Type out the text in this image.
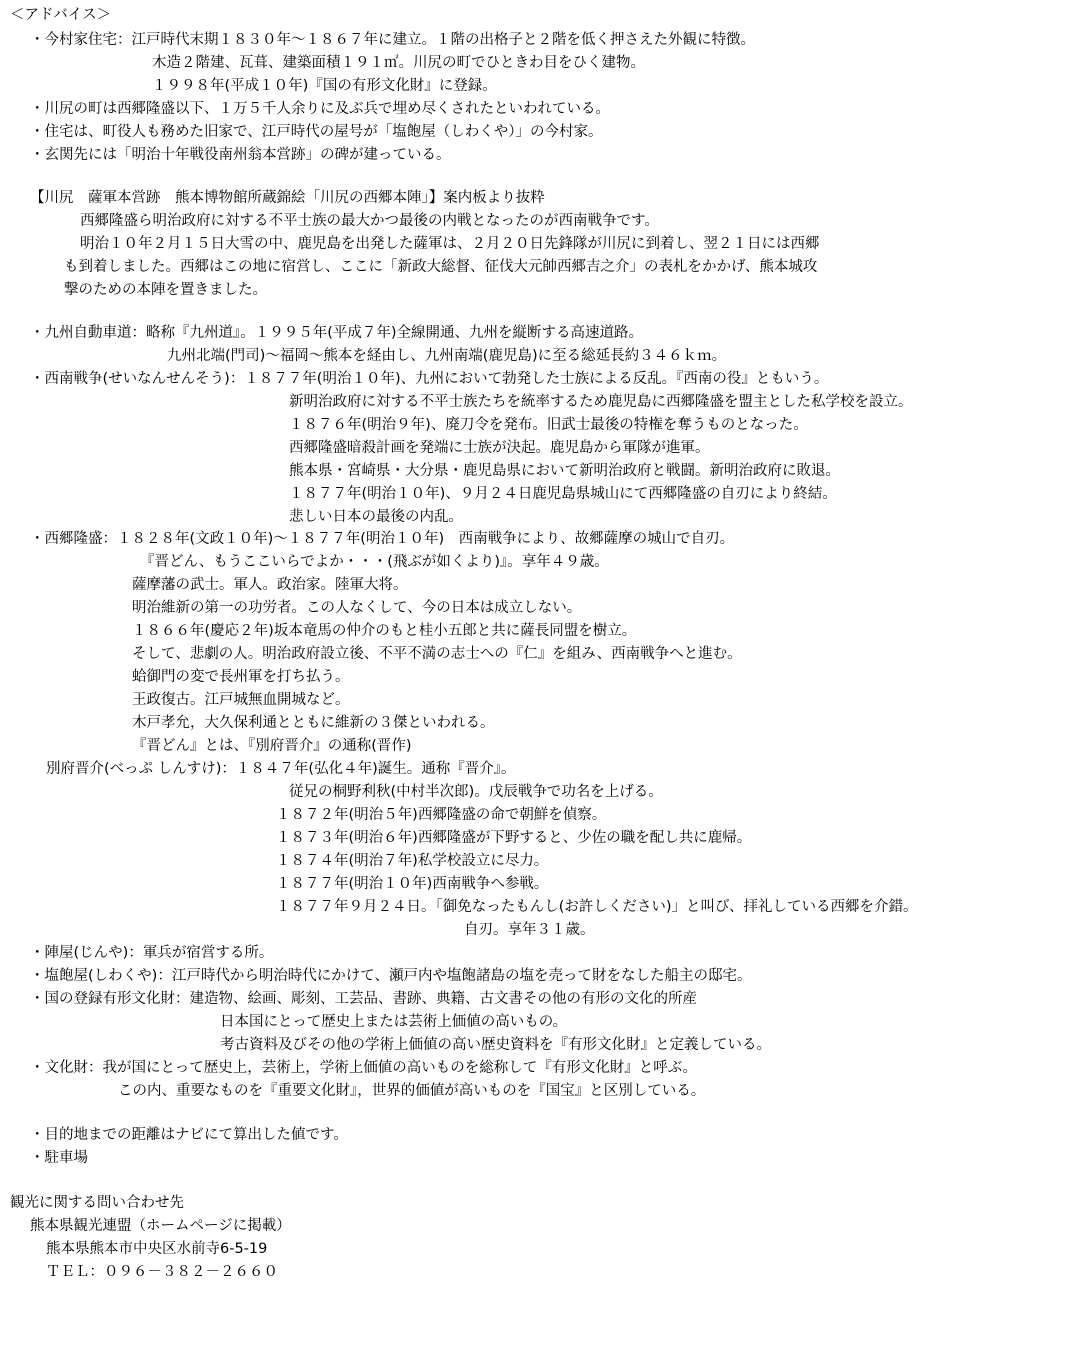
＜アドバイス＞
・今村家住宅：江戸時代末期１８３０年～１８６７年に建立。１階の出格子と２階を低く押さえた外観に特徴。
木造２階建、瓦葺、建築面積１９１㎡。川尻の町でひときわ目をひく建物。
１９９８年(平成１０年)『国の有形文化財』に登録。
・川尻の町は西郷隆盛以下、１万５千人余りに及ぶ兵で埋め尽くされたといわれている。
・住宅は、町役人も務めた旧家で、江戸時代の屋号が「塩飽屋（しわくや）」の今村家。
・玄関先には「明治十年戦役南州翁本営跡」の碑が建っている。
【川尻　薩軍本営跡　熊本博物館所蔵錦絵「川尻の西郷本陣」】案内板より抜粋
西郷隆盛ら明治政府に対する不平士族の最大かつ最後の内戦となったのが西南戦争です。
明治１０年２月１５日大雪の中、鹿児島を出発した薩軍は、２月２０日先鋒隊が川尻に到着し、翌２１日には西郷
も到着しました。西郷はこの地に宿営し、ここに「新政大総督、征伐大元帥西郷吉之介」の表札をかかげ、熊本城攻
撃のための本陣を置きました。
・九州自動車道：略称『九州道』。１９９５年(平成７年)全線開通、九州を縦断する高速道路。
九州北端(門司)～福岡～熊本を経由し、九州南端(鹿児島)に至る総延長約３４６ｋｍ。
・西南戦争(せいなんせんそう)：１８７７年(明治１０年)、九州において勃発した士族による反乱。『西南の役』ともいう。
新明治政府に対する不平士族たちを統率するため鹿児島に西郷隆盛を盟主とした私学校を設立。
１８７６年(明治９年)、廃刀令を発布。旧武士最後の特権を奪うものとなった。
西郷隆盛暗殺計画を発端に士族が決起。鹿児島から軍隊が進軍。
熊本県・宮崎県・大分県・鹿児島県において新明治政府と戦闘。新明治政府に敗退。
１８７７年(明治１０年)、９月２４日鹿児島県城山にて西郷隆盛の自刃により終結。
悲しい日本の最後の内乱。
・西郷隆盛：１８２８年(文政１０年)～１８７７年(明治１０年)　西南戦争により、故郷薩摩の城山で自刃。
『晋どん、もうここいらでよか・・・(飛ぶが如くより)』。享年４９歳。
薩摩藩の武士。軍人。政治家。陸軍大将。
明治維新の第一の功労者。この人なくして、今の日本は成立しない。
１８６６年(慶応２年)坂本竜馬の仲介のもと桂小五郎と共に薩長同盟を樹立。
そして、悲劇の人。明治政府設立後、不平不満の志士への『仁』を組み、西南戦争へと進む。
蛤御門の変で長州軍を打ち払う。
王政復古。江戸城無血開城など。
木戸孝允，大久保利通とともに維新の３傑といわれる。
『晋どん』とは、『別府晋介』の通称(晋作)
別府晋介(べっぷ しんすけ)：１８４７年(弘化４年)誕生。通称『晋介』。
従兄の桐野利秋(中村半次郎)。戊辰戦争で功名を上げる。
１８７２年(明治５年)西郷隆盛の命で朝鮮を偵察。
１８７３年(明治６年)西郷隆盛が下野すると、少佐の職を配し共に鹿帰。
１８７４年(明治７年)私学校設立に尽力。
１８７７年(明治１０年)西南戦争へ参戦。
１８７７年９月２４日。「御免なったもんし(お許しください)」と叫び、拝礼している西郷を介錯。
自刃。享年３１歳。
・陣屋(じんや)：軍兵が宿営する所。
・塩飽屋(しわくや)：江戸時代から明治時代にかけて、瀬戸内や塩飽諸島の塩を売って財をなした船主の邸宅。
・国の登録有形文化財：建造物、絵画、彫刻、工芸品、書跡、典籍、古文書その他の有形の文化的所産
日本国にとって歴史上または芸術上価値の高いもの。
考古資料及びその他の学術上価値の高い歴史資料を『有形文化財』と定義している。
・文化財：我が国にとって歴史上，芸術上，学術上価値の高いものを総称して『有形文化財』と呼ぶ。
この内、重要なものを『重要文化財』，世界的価値が高いものを『国宝』と区別している。
・目的地までの距離はナビにて算出した値です。
・駐車場
観光に関する問い合わせ先
熊本県観光連盟（ホームページに掲載）
熊本県熊本市中央区水前寺6-5-19
ＴＥＬ：０９６－３８２－２６６０
